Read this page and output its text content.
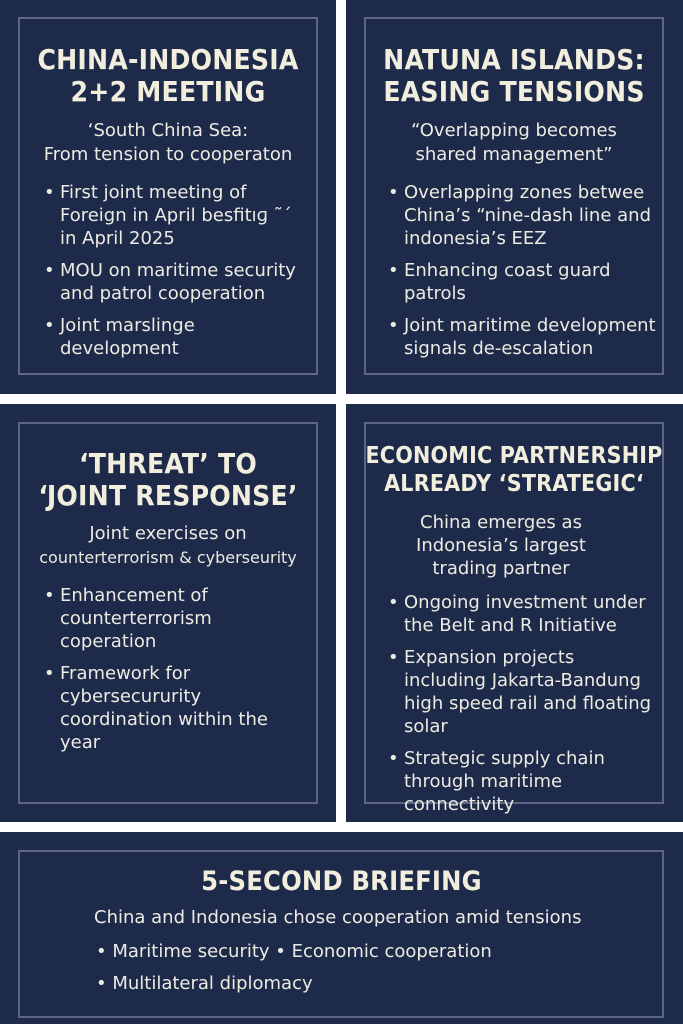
CHINA-INDONESIA
2+2 MEETING
‘South China Sea:
From tension to cooperaton
• First joint meeting of Foreign in April besfitıɡ ˜´ in April 2025
• MOU on maritime security and patrol cooperation
• Joint marslinge development
NATUNA ISLANDS:
EASING TENSIONS
“Overlapping becomes
shared management”
• Overlapping zones betwee China’s “nine-dash line and indonesia’s EEZ
• Enhancing coast guard patrols
• Joint maritime development signals de-escalation
‘THREAT’ TO
‘JOINT RESPONSE’
Joint exercises on
counterterrorism & cyberseurity
• Enhancement of counterterrorism coperation
• Framework for cybersecururity coordination within the year
ECONOMIC PARTNERSHIP
ALREADY ‘STRATEGIC‘
China emerges as
Indonesia’s largest
trading partner
• Ongoing investment under the Belt and R Initiative
• Expansion projects including Jakarta-Bandung high speed rail and floating solar
• Strategic supply chain through maritime connectivity
5-SECOND BRIEFING
China and Indonesia chose cooperation amid tensions
• Maritime security • Economic cooperation
• Multilateral diplomacy
